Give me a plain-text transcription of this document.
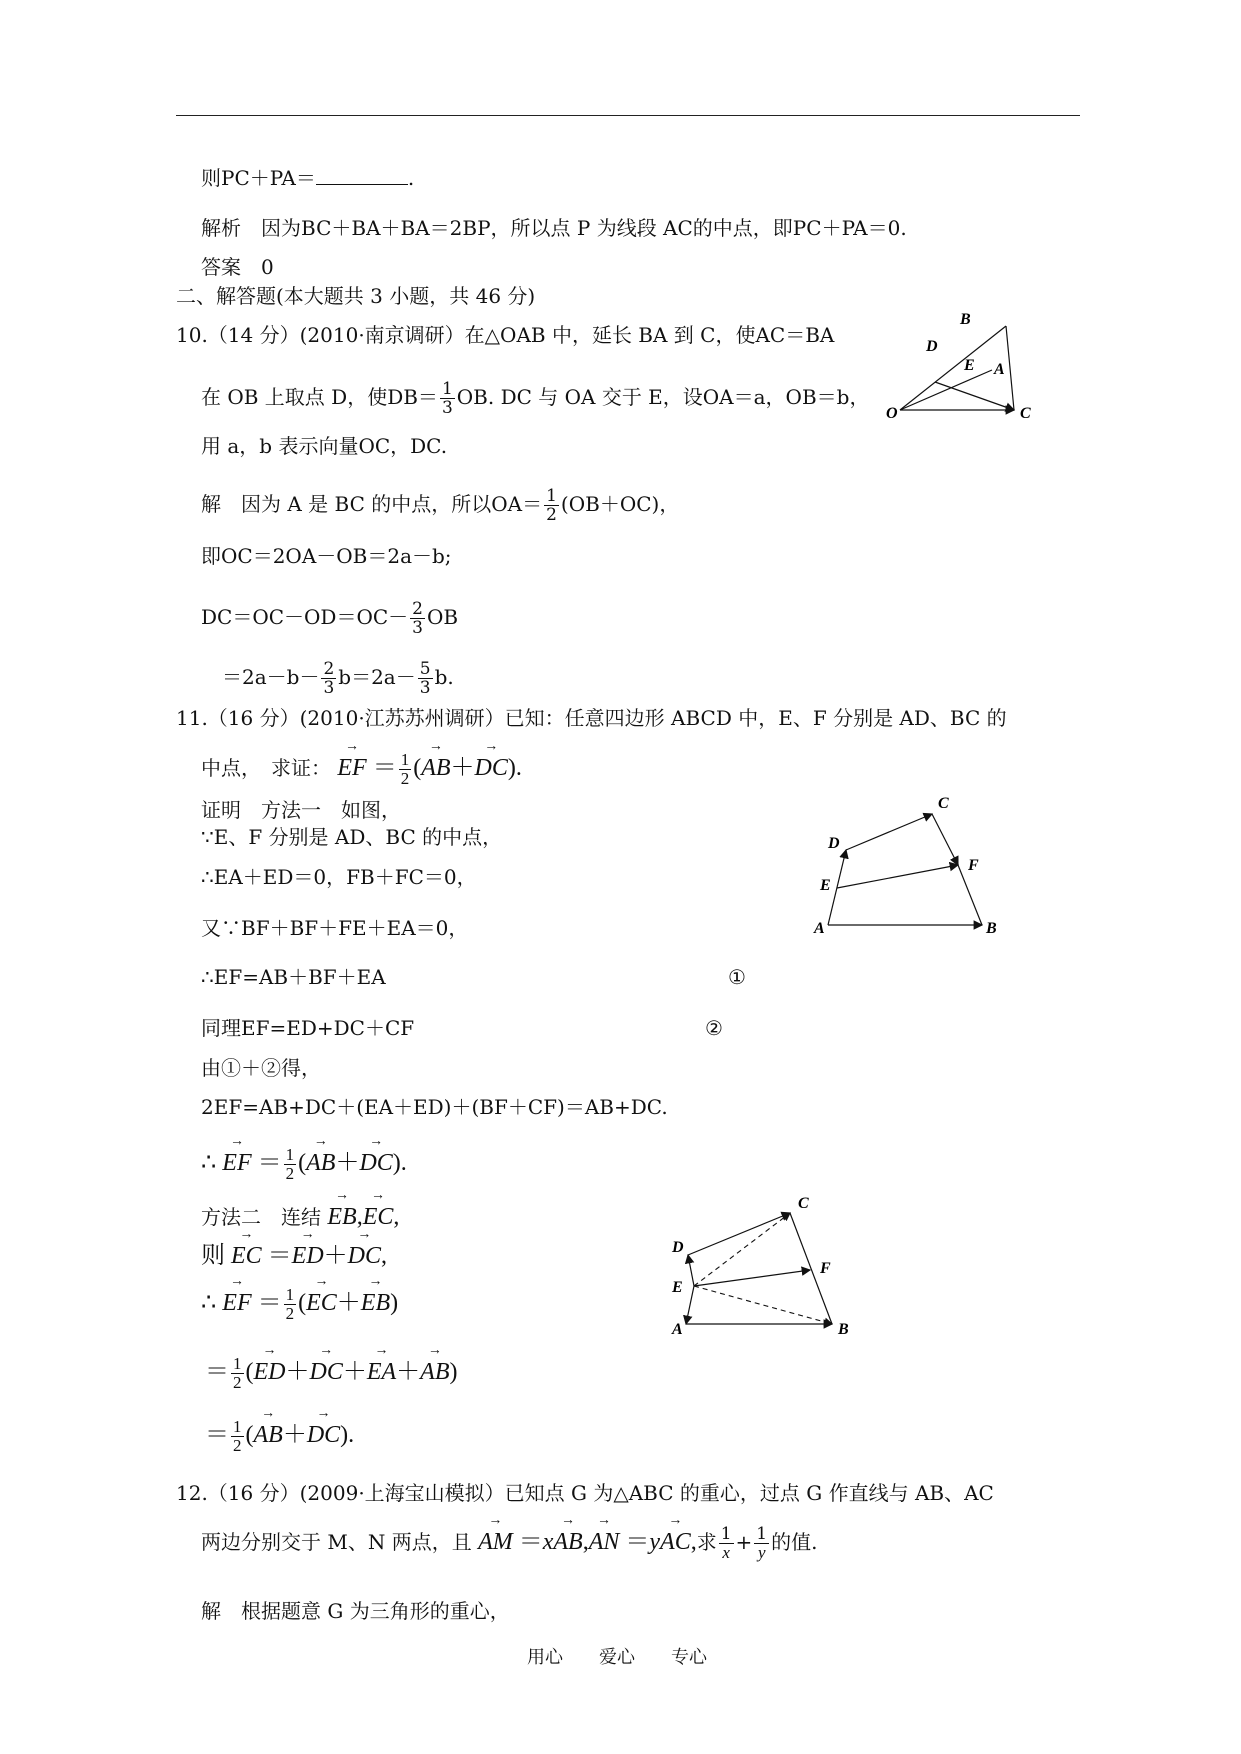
则PC＋PA＝	.
解析　因为BC＋BA＋BA＝2BP，所以点 P 为线段 AC的中点，即PC＋PA＝0.
答案　0
二、解答题(本大题共 3 小题，共 46 分)
10.（14 分）(2010·南京调研）在△OAB 中，延长 BA 到 C，使AC＝BA
在 OB 上取点 D，使$DB= \frac{1}{3}$ OB. DC 与 OA 交于 E，设OA＝a，OB＝b，
用 a，b 表示向量OC，DC.
解　因为 A 是 BC 的中点，所以$OA= \frac{1}{2} (OB+OC)$，
即OC＝2OA－OB＝2a－b;
$DC=OC-OD=OC- \frac{2}{3}$ OB
$=2a-b- \frac{2}{3} b=2a- \frac{5}{3} b$.
B
D
E A
O	C
11.（16 分）(2010·江苏苏州调研）已知：任意四边形 ABCD 中，E、F 分别是 AD、BC 的
中点，　求证： → EF ＝ $\frac{1}{2}$ (→ AB＋→ DC).
证明　方法一　如图，
∵E、F 分别是 AD、BC 的中点，
∴EA＋ED＝0，FB＋FC＝0，
又∵BF＋BF＋FE＋EA＝0，
∴EF=AB＋BF＋EA	①
同理EF=ED+DC＋CF	②
由①＋②得，
2EF=AB+DC＋(EA＋ED)＋(BF＋CF)＝AB+DC.
∴ → EF ＝ $\frac{1}{2}$ (→ AB＋→ DC).
方法二　连结 → EB,→ EC,
则 → EC ＝→ ED＋→ DC,
∴ → EF ＝ $\frac{1}{2}$ (→ EC＋→ EB)
＝ $\frac{1}{2}$ (→ ED＋→ DC＋→ EA＋→ AB)
＝ $\frac{1}{2}$ (→ AB＋→ DC).
C
D
F
E
A	B
C
D
F
E
A	B
12.（16 分）(2009·上海宝山模拟）已知点 G 为△ABC 的重心，过点 G 作直线与 AB、AC
两边分别交于 M、N 两点，且 → AM ＝x→ AB,→ AN ＝y→ AC,求 $\frac{1}{x} + \frac{1}{y}$ 的值.
解　根据题意 G 为三角形的重心，
用心 爱心 专心
